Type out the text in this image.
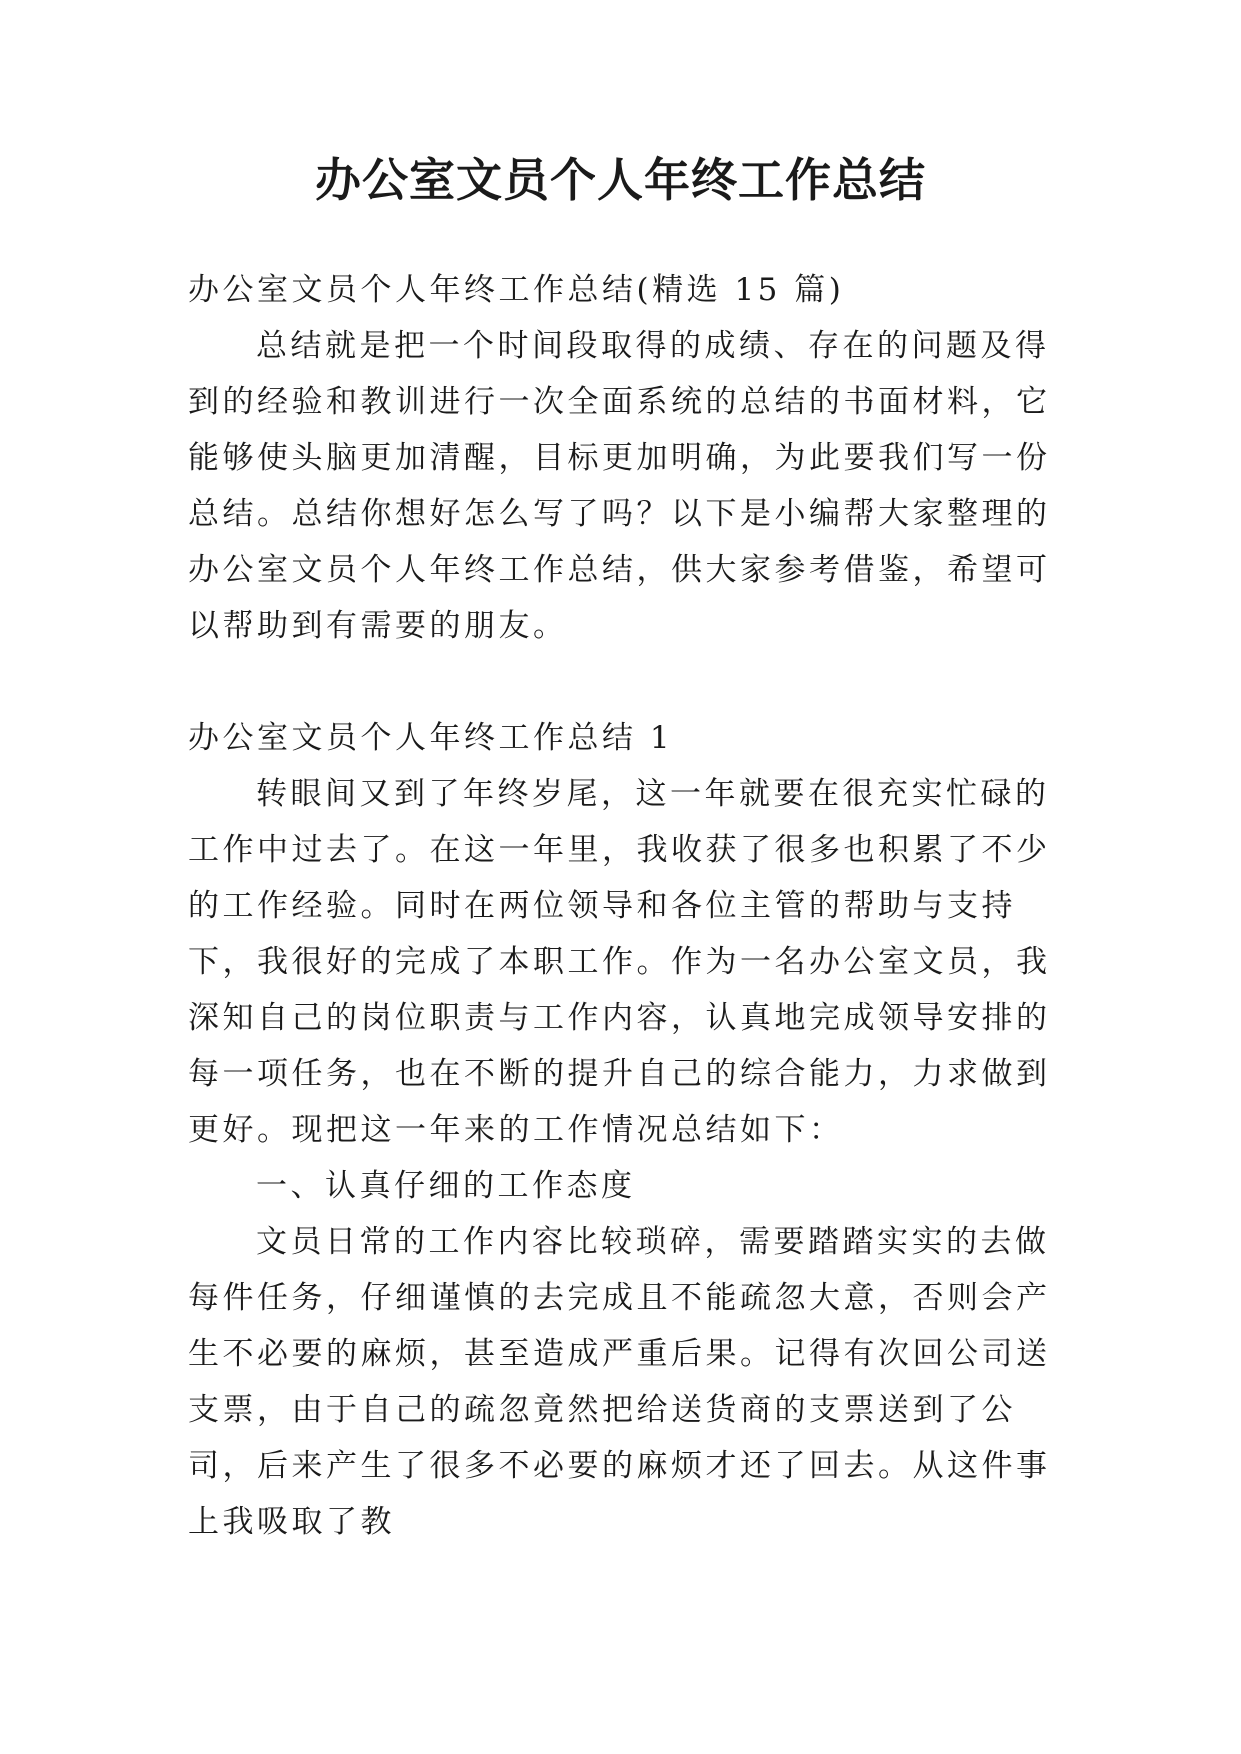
办公室文员个人年终工作总结

办公室文员个人年终工作总结(精选 15 篇)

总结就是把一个时间段取得的成绩、存在的问题及得到的经验和教训进行一次全面系统的总结的书面材料，它能够使头脑更加清醒，目标更加明确，为此要我们写一份总结。总结你想好怎么写了吗？以下是小编帮大家整理的办公室文员个人年终工作总结，供大家参考借鉴，希望可以帮助到有需要的朋友。

办公室文员个人年终工作总结 1

转眼间又到了年终岁尾，这一年就要在很充实忙碌的工作中过去了。在这一年里，我收获了很多也积累了不少的工作经验。同时在两位领导和各位主管的帮助与支持下，我很好的完成了本职工作。作为一名办公室文员，我深知自己的岗位职责与工作内容，认真地完成领导安排的每一项任务，也在不断的提升自己的综合能力，力求做到更好。现把这一年来的工作情况总结如下：

一、认真仔细的工作态度

文员日常的工作内容比较琐碎，需要踏踏实实的去做每件任务，仔细谨慎的去完成且不能疏忽大意，否则会产生不必要的麻烦，甚至造成严重后果。记得有次回公司送支票，由于自己的疏忽竟然把给送货商的支票送到了公司，后来产生了很多不必要的麻烦才还了回去。从这件事上我吸取了教
